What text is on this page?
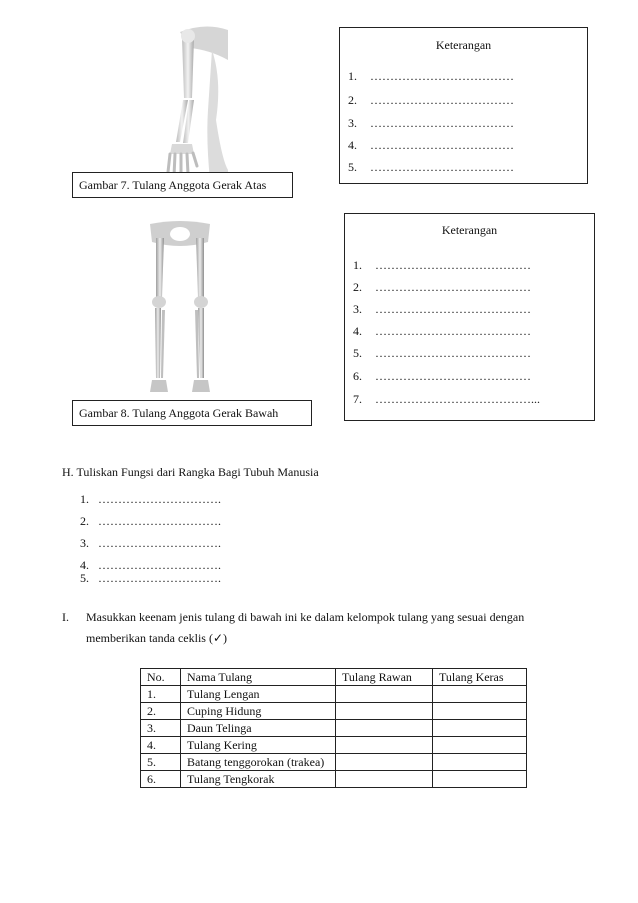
Gambar 7. Tulang Anggota Gerak Atas
Keterangan
1. ………………………………
2. ………………………………
3. ………………………………
4. ………………………………
5. ………………………………
Gambar 8. Tulang Anggota Gerak Bawah
Keterangan
1. …………………………………
2. …………………………………
3. …………………………………
4. …………………………………
5. …………………………………
6. …………………………………
7. …………………………………...
H. Tuliskan Fungsi dari Rangka Bagi Tubuh Manusia
1. ………………………….
2. ………………………….
3. ………………………….
4. ………………………….
5. ………………………….
I. Masukkan keenam jenis tulang di bawah ini ke dalam kelompok tulang yang sesuai dengan
memberikan tanda ceklis (✓)
No.	Nama Tulang	Tulang Rawan	Tulang Keras
1.	Tulang Lengan		
2.	Cuping Hidung		
3.	Daun Telinga		
4.	Tulang Kering		
5.	Batang tenggorokan (trakea)		
6.	Tulang Tengkorak		
